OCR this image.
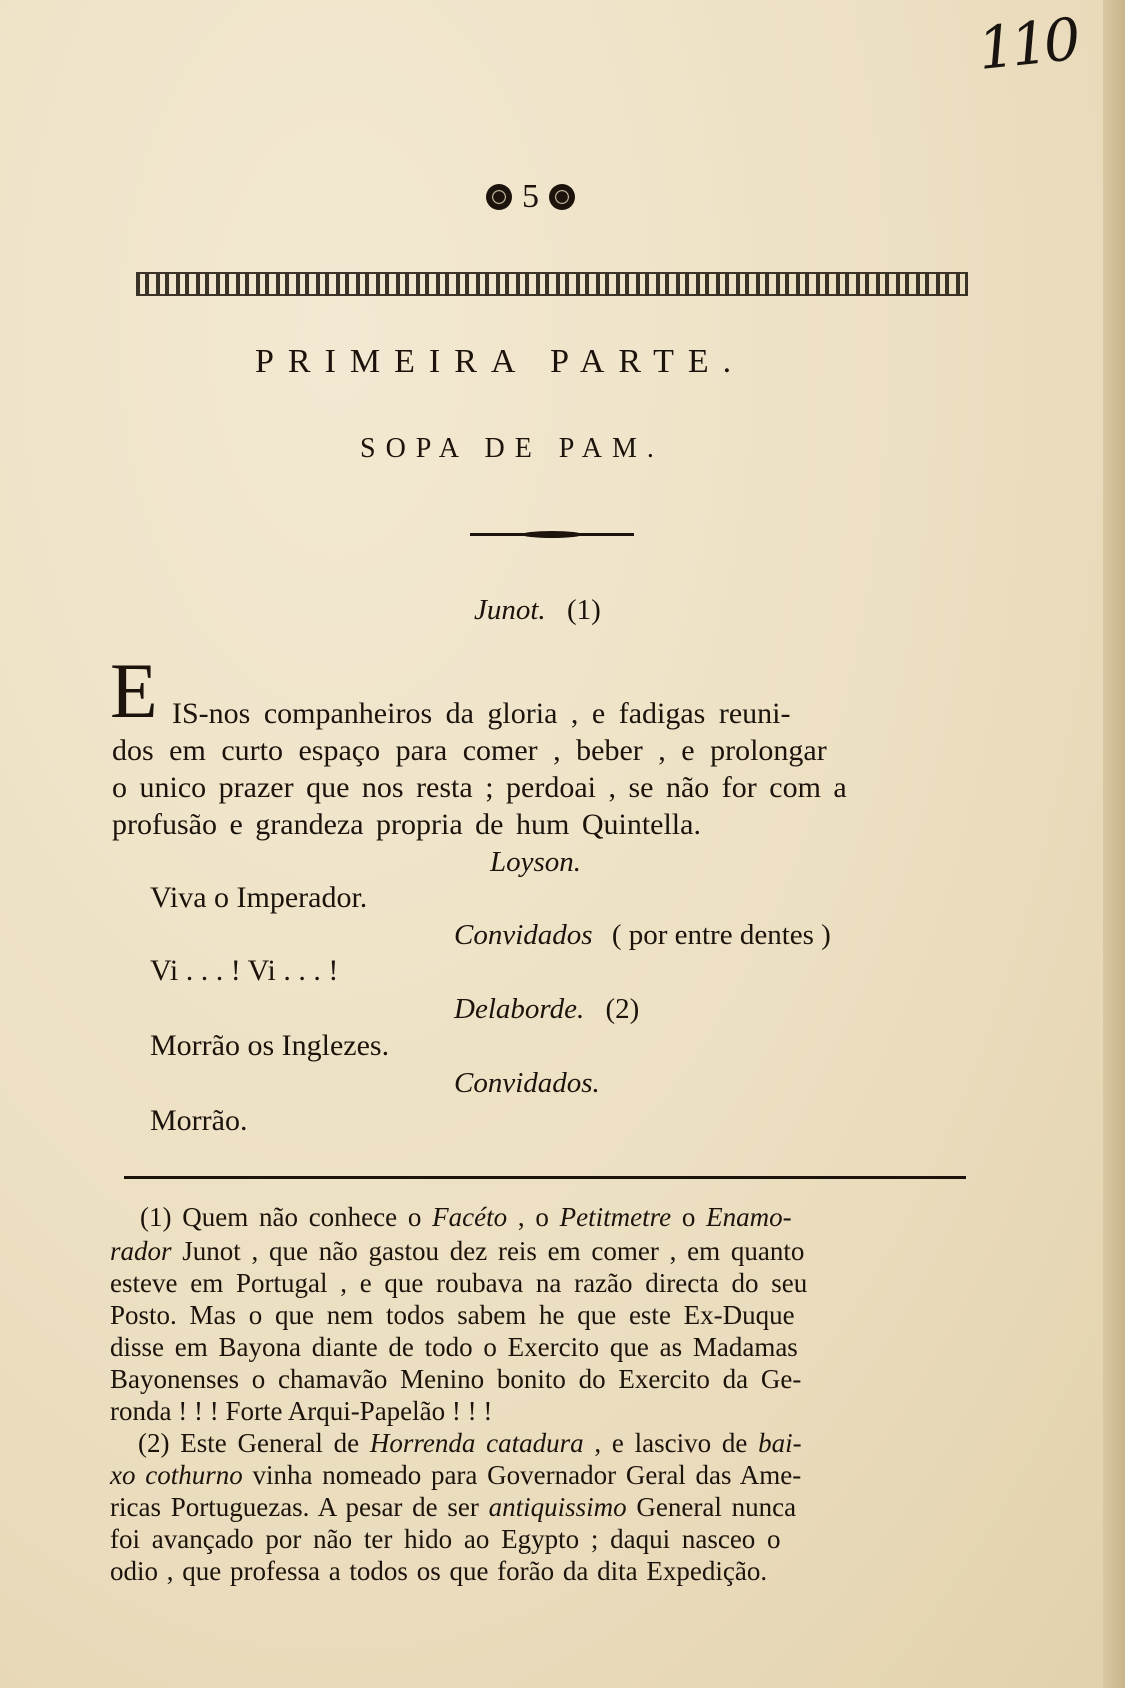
110
5
PRIMEIRA PARTE.
SOPA DE PAM.
Junot. (1)
E IS-nos companheiros da gloria , e fadigas reuni-
dos em curto espaço para comer , beber , e prolongar
o unico prazer que nos resta ; perdoai , se não for com a
profusão e grandeza propria de hum Quintella.
Loyson.
Viva o Imperador.
Convidados ( por entre dentes )
Vi . . . ! Vi . . . !
Delaborde. (2)
Morrão os Inglezes.
Convidados.
Morrão.
(1) Quem não conhece o Facéto , o Petitmetre o Enamo-
rador Junot , que não gastou dez reis em comer , em quanto
esteve em Portugal , e que roubava na razão directa do seu
Posto. Mas o que nem todos sabem he que este Ex-Duque
disse em Bayona diante de todo o Exercito que as Madamas
Bayonenses o chamavão Menino bonito do Exercito da Ge-
ronda ! ! ! Forte Arqui-Papelão ! ! !
(2) Este General de Horrenda catadura , e lascivo de bai-
xo cothurno vinha nomeado para Governador Geral das Ame-
ricas Portuguezas. A pesar de ser antiquissimo General nunca
foi avançado por não ter hido ao Egypto ; daqui nasceo o
odio , que professa a todos os que forão da dita Expedição.
